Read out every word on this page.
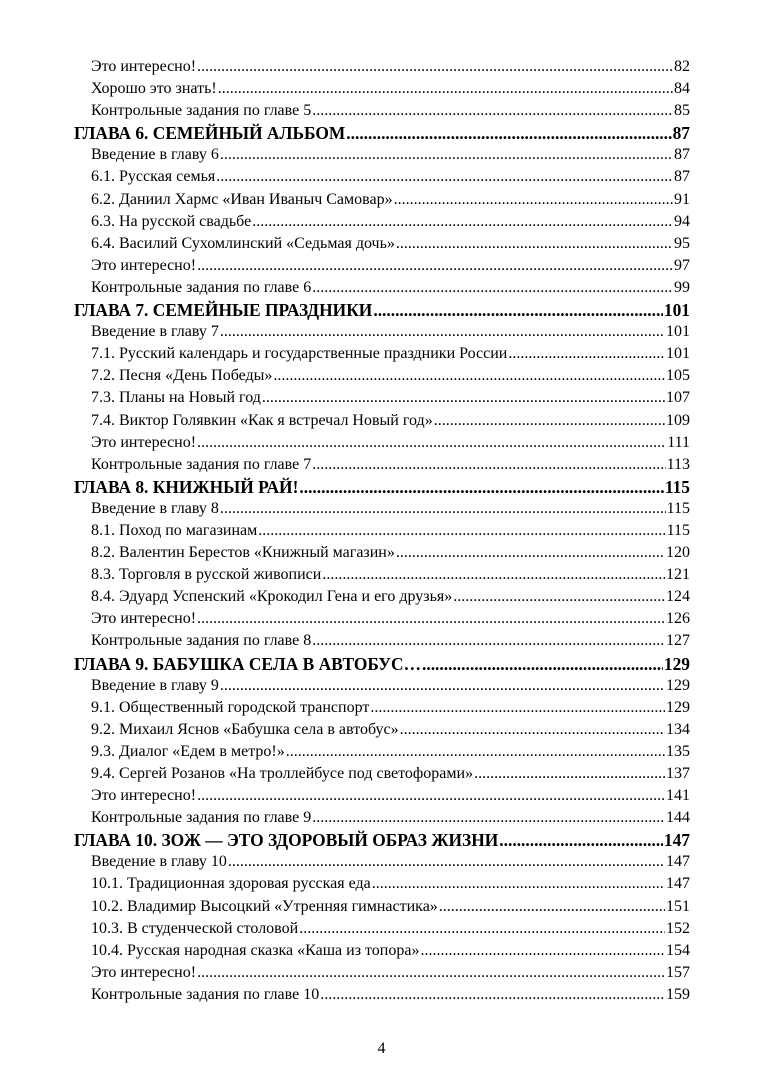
Это интересно! .....	82
Хорошо это знать! .....	84
Контрольные задания по главе 5 .....	85
ГЛАВА 6. СЕМЕЙНЫЙ АЛЬБОМ .....	87
Введение в главу 6 .....	87
6.1. Русская семья .....	87
6.2. Даниил Хармс «Иван Иваныч Самовар» .....	91
6.3. На русской свадьбе .....	94
6.4. Василий Сухомлинский «Седьмая дочь» .....	95
Это интересно! .....	97
Контрольные задания по главе 6 .....	99
ГЛАВА 7. СЕМЕЙНЫЕ ПРАЗДНИКИ .....	101
Введение в главу 7 .....	101
7.1. Русский календарь и государственные праздники России .....	101
7.2. Песня «День Победы» .....	105
7.3. Планы на Новый год .....	107
7.4. Виктор Голявкин «Как я встречал Новый год» .....	109
Это интересно! .....	111
Контрольные задания по главе 7 .....	113
ГЛАВА 8. КНИЖНЫЙ РАЙ! .....	115
Введение в главу 8 .....	115
8.1. Поход по магазинам .....	115
8.2. Валентин Берестов «Книжный магазин» .....	120
8.3. Торговля в русской живописи .....	121
8.4. Эдуард Успенский «Крокодил Гена и его друзья» .....	124
Это интересно! .....	126
Контрольные задания по главе 8 .....	127
ГЛАВА 9. БАБУШКА СЕЛА В АВТОБУС… .....	129
Введение в главу 9 .....	129
9.1. Общественный городской транспорт .....	129
9.2. Михаил Яснов «Бабушка села в автобус» .....	134
9.3. Диалог «Едем в метро!» .....	135
9.4. Сергей Розанов «На троллейбусе под светофорами» .....	137
Это интересно! .....	141
Контрольные задания по главе 9 .....	144
ГЛАВА 10. ЗОЖ — ЭТО ЗДОРОВЫЙ ОБРАЗ ЖИЗНИ .....	147
Введение в главу 10 .....	147
10.1. Традиционная здоровая русская еда .....	147
10.2. Владимир Высоцкий «Утренняя гимнастика» .....	151
10.3. В студенческой столовой .....	152
10.4. Русская народная сказка «Каша из топора» .....	154
Это интересно! .....	157
Контрольные задания по главе 10 .....	159
4
